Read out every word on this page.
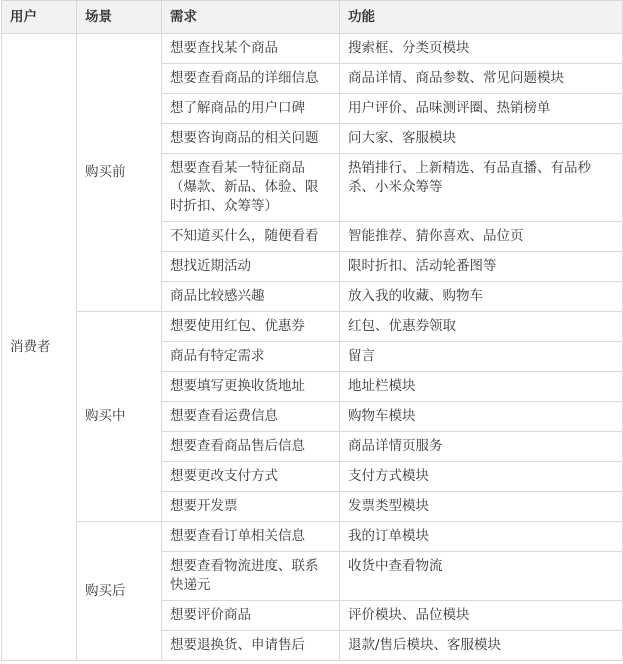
用户	场景	需求	功能
消费者	购买前	想要查找某个商品	搜索框、分类页模块
		想要查看商品的详细信息	商品详情、商品参数、常见问题模块
		想了解商品的用户口碑	用户评价、品味测评圈、热销榜单
		想要咨询商品的相关问题	问大家、客服模块
		想要查看某一特征商品（爆款、新品、体验、限时折扣、众筹等）	热销排行、上新精选、有品直播、有品秒杀、小米众筹等
		不知道买什么，随便看看	智能推荐、猜你喜欢、品位页
		想找近期活动	限时折扣、活动轮番图等
		商品比较感兴趣	放入我的收藏、购物车
	购买中	想要使用红包、优惠券	红包、优惠券领取
		商品有特定需求	留言
		想要填写更换收货地址	地址栏模块
		想要查看运费信息	购物车模块
		想要查看商品售后信息	商品详情页服务
		想要更改支付方式	支付方式模块
		想要开发票	发票类型模块
	购买后	想要查看订单相关信息	我的订单模块
		想要查看物流进度、联系快递元	收货中查看物流
		想要评价商品	评价模块、品位模块
		想要退换货、申请售后	退款/售后模块、客服模块
